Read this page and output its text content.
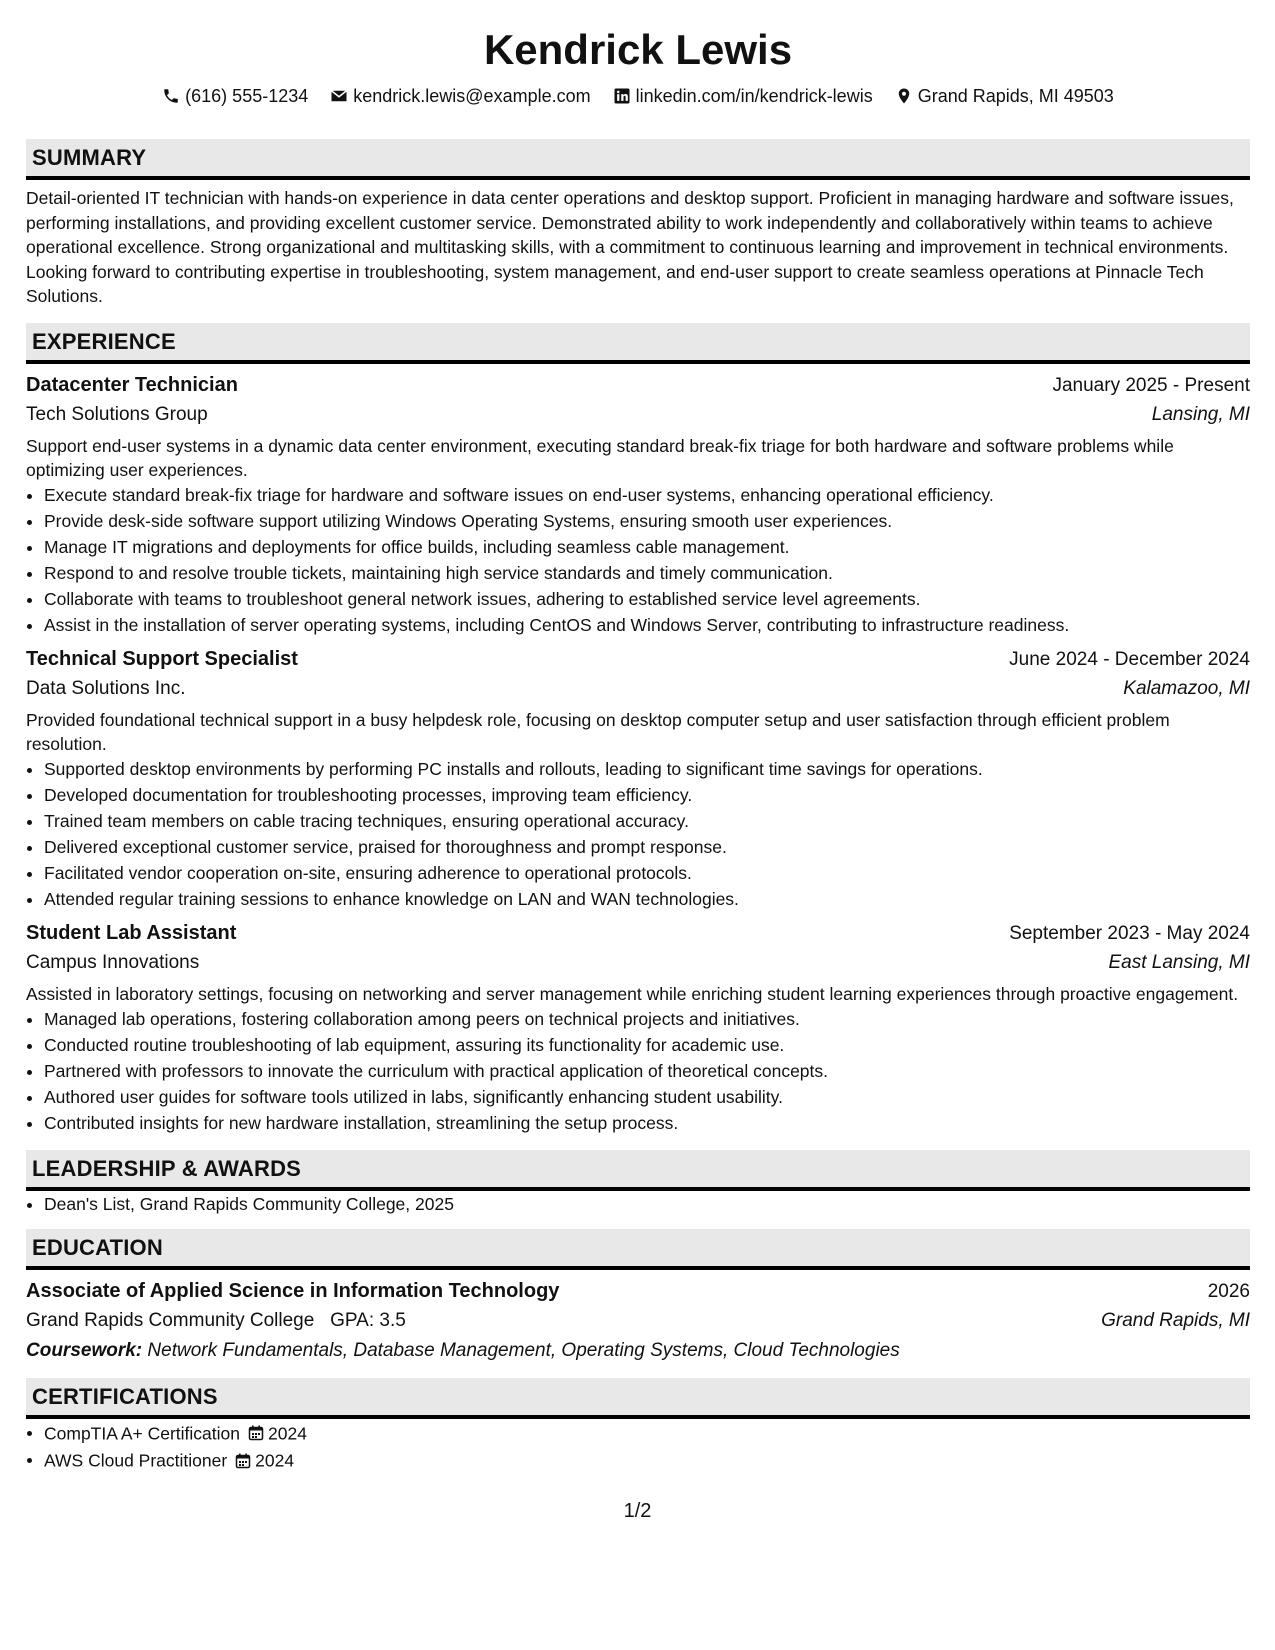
Kendrick Lewis
(616) 555-1234	kendrick.lewis@example.com	linkedin.com/in/kendrick-lewis	Grand Rapids, MI 49503
SUMMARY

Detail-oriented IT technician with hands-on experience in data center operations and desktop support. Proficient in managing hardware and software issues, performing installations, and providing excellent customer service. Demonstrated ability to work independently and collaboratively within teams to achieve operational excellence. Strong organizational and multitasking skills, with a commitment to continuous learning and improvement in technical environments. Looking forward to contributing expertise in troubleshooting, system management, and end-user support to create seamless operations at Pinnacle Tech Solutions.

EXPERIENCE
Datacenter Technician	January 2025 - Present
Tech Solutions Group	Lansing, MI
Support end-user systems in a dynamic data center environment, executing standard break-fix triage for both hardware and software problems while optimizing user experiences.
• Execute standard break-fix triage for hardware and software issues on end-user systems, enhancing operational efficiency.
• Provide desk-side software support utilizing Windows Operating Systems, ensuring smooth user experiences.
• Manage IT migrations and deployments for office builds, including seamless cable management.
• Respond to and resolve trouble tickets, maintaining high service standards and timely communication.
• Collaborate with teams to troubleshoot general network issues, adhering to established service level agreements.
• Assist in the installation of server operating systems, including CentOS and Windows Server, contributing to infrastructure readiness.
Technical Support Specialist	June 2024 - December 2024
Data Solutions Inc.	Kalamazoo, MI
Provided foundational technical support in a busy helpdesk role, focusing on desktop computer setup and user satisfaction through efficient problem resolution.
• Supported desktop environments by performing PC installs and rollouts, leading to significant time savings for operations.
• Developed documentation for troubleshooting processes, improving team efficiency.
• Trained team members on cable tracing techniques, ensuring operational accuracy.
• Delivered exceptional customer service, praised for thoroughness and prompt response.
• Facilitated vendor cooperation on-site, ensuring adherence to operational protocols.
• Attended regular training sessions to enhance knowledge on LAN and WAN technologies.
Student Lab Assistant	September 2023 - May 2024
Campus Innovations	East Lansing, MI
Assisted in laboratory settings, focusing on networking and server management while enriching student learning experiences through proactive engagement.
• Managed lab operations, fostering collaboration among peers on technical projects and initiatives.
• Conducted routine troubleshooting of lab equipment, assuring its functionality for academic use.
• Partnered with professors to innovate the curriculum with practical application of theoretical concepts.
• Authored user guides for software tools utilized in labs, significantly enhancing student usability.
• Contributed insights for new hardware installation, streamlining the setup process.
LEADERSHIP & AWARDS
• Dean's List, Grand Rapids Community College, 2025
EDUCATION
Associate of Applied Science in Information Technology	2026
Grand Rapids Community College GPA: 3.5	Grand Rapids, MI
Coursework: Network Fundamentals, Database Management, Operating Systems, Cloud Technologies
CERTIFICATIONS
• CompTIA A+ Certification 2024
• AWS Cloud Practitioner 2024
1/2
